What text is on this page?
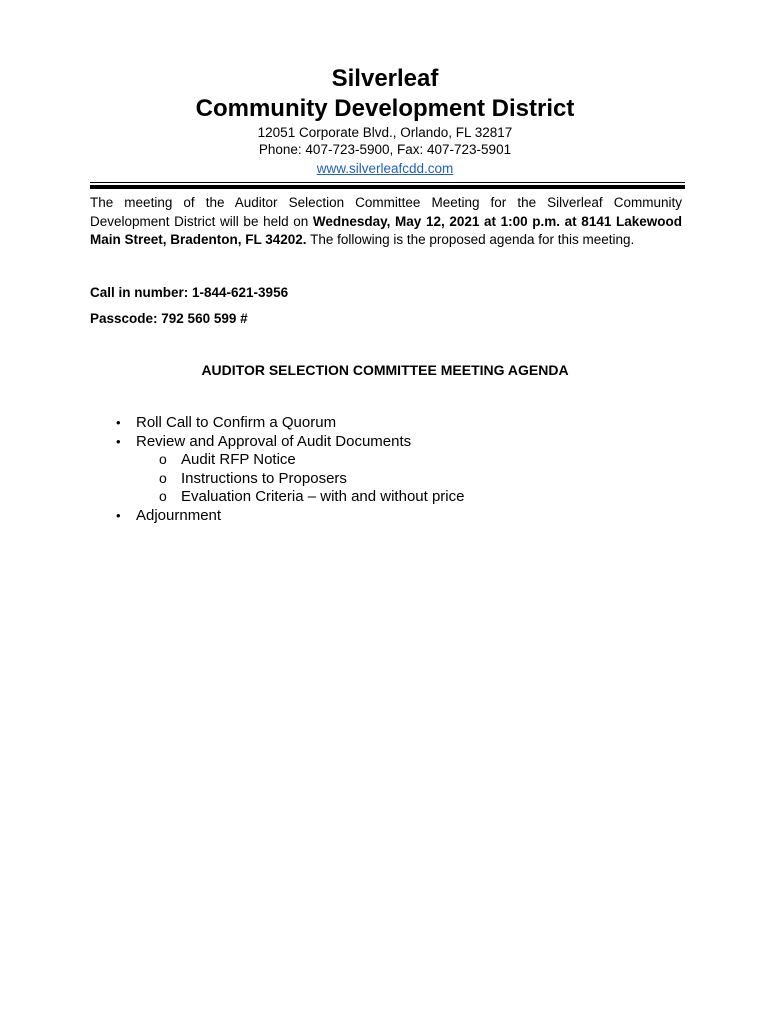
Silverleaf
Community Development District
12051 Corporate Blvd., Orlando, FL 32817
Phone: 407-723-5900, Fax: 407-723-5901
www.silverleafcdd.com

The meeting of the Auditor Selection Committee Meeting for the Silverleaf Community Development District will be held on Wednesday, May 12, 2021 at 1:00 p.m. at 8141 Lakewood Main Street, Bradenton, FL 34202. The following is the proposed agenda for this meeting.

Call in number: 1-844-621-3956

Passcode: 792 560 599 #

AUDITOR SELECTION COMMITTEE MEETING AGENDA
• Roll Call to Confirm a Quorum
• Review and Approval of Audit Documents
o Audit RFP Notice
o Instructions to Proposers
o Evaluation Criteria – with and without price
• Adjournment
